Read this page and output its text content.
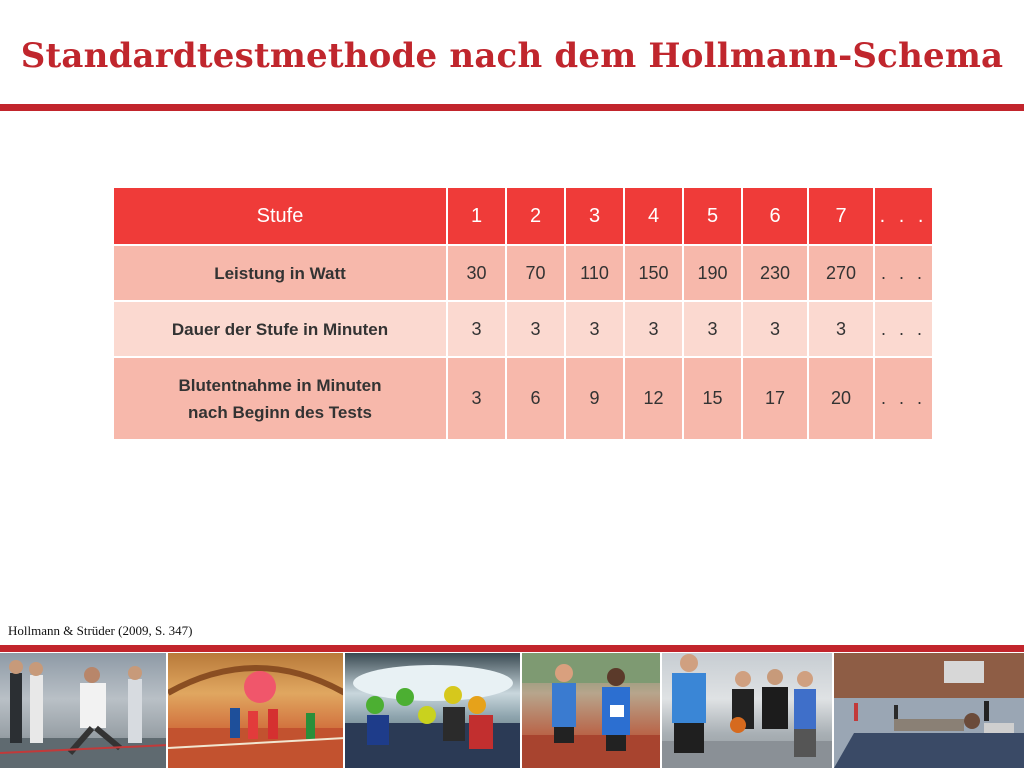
Standardtestmethode nach dem Hollmann-Schema
Stufe	1	2	3	4	5	6	7	. . .
Leistung in Watt	30	70	110	150	190	230	270	. . .
Dauer der Stufe in Minuten	3	3	3	3	3	3	3	. . .

Blutentnahme in Minuten
nach Beginn des Tests	3	6	9	12	15	17	20	. . .
Hollmann & Strüder (2009, S. 347)
